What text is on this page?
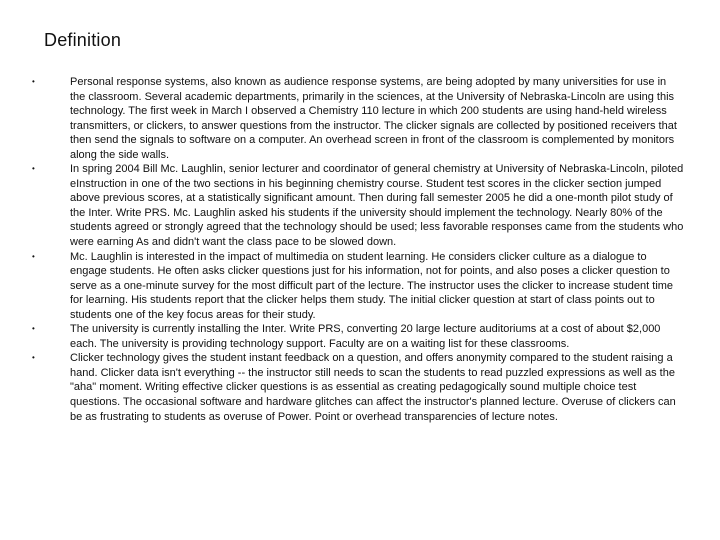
Definition
•	Personal response systems, also known as audience response systems, are being adopted by many universities for use in the classroom. Several academic departments, primarily in the sciences, at the University of Nebraska-Lincoln are using this technology. The first week in March I observed a Chemistry 110 lecture in which 200 students are using hand-held wireless transmitters, or clickers, to answer questions from the instructor. The clicker signals are collected by positioned receivers that then send the signals to software on a computer. An overhead screen in front of the classroom is complemented by monitors along the side walls.
•	In spring 2004 Bill Mc. Laughlin, senior lecturer and coordinator of general chemistry at University of Nebraska-Lincoln, piloted eInstruction in one of the two sections in his beginning chemistry course. Student test scores in the clicker section jumped above previous scores, at a statistically significant amount. Then during fall semester 2005 he did a one-month pilot study of the Inter. Write PRS. Mc. Laughlin asked his students if the university should implement the technology. Nearly 80% of the students agreed or strongly agreed that the technology should be used; less favorable responses came from the students who were earning As and didn't want the class pace to be slowed down.
•	Mc. Laughlin is interested in the impact of multimedia on student learning. He considers clicker culture as a dialogue to engage students. He often asks clicker questions just for his information, not for points, and also poses a clicker question to serve as a one-minute survey for the most difficult part of the lecture. The instructor uses the clicker to increase student time for learning. His students report that the clicker helps them study. The initial clicker question at start of class points out to students one of the key focus areas for their study.
•	The university is currently installing the Inter. Write PRS, converting 20 large lecture auditoriums at a cost of about $2,000 each. The university is providing technology support. Faculty are on a waiting list for these classrooms.
•	Clicker technology gives the student instant feedback on a question, and offers anonymity compared to the student raising a hand. Clicker data isn't everything -- the instructor still needs to scan the students to read puzzled expressions as well as the "aha" moment. Writing effective clicker questions is as essential as creating pedagogically sound multiple choice test questions. The occasional software and hardware glitches can affect the instructor's planned lecture. Overuse of clickers can be as frustrating to students as overuse of Power. Point or overhead transparencies of lecture notes.
